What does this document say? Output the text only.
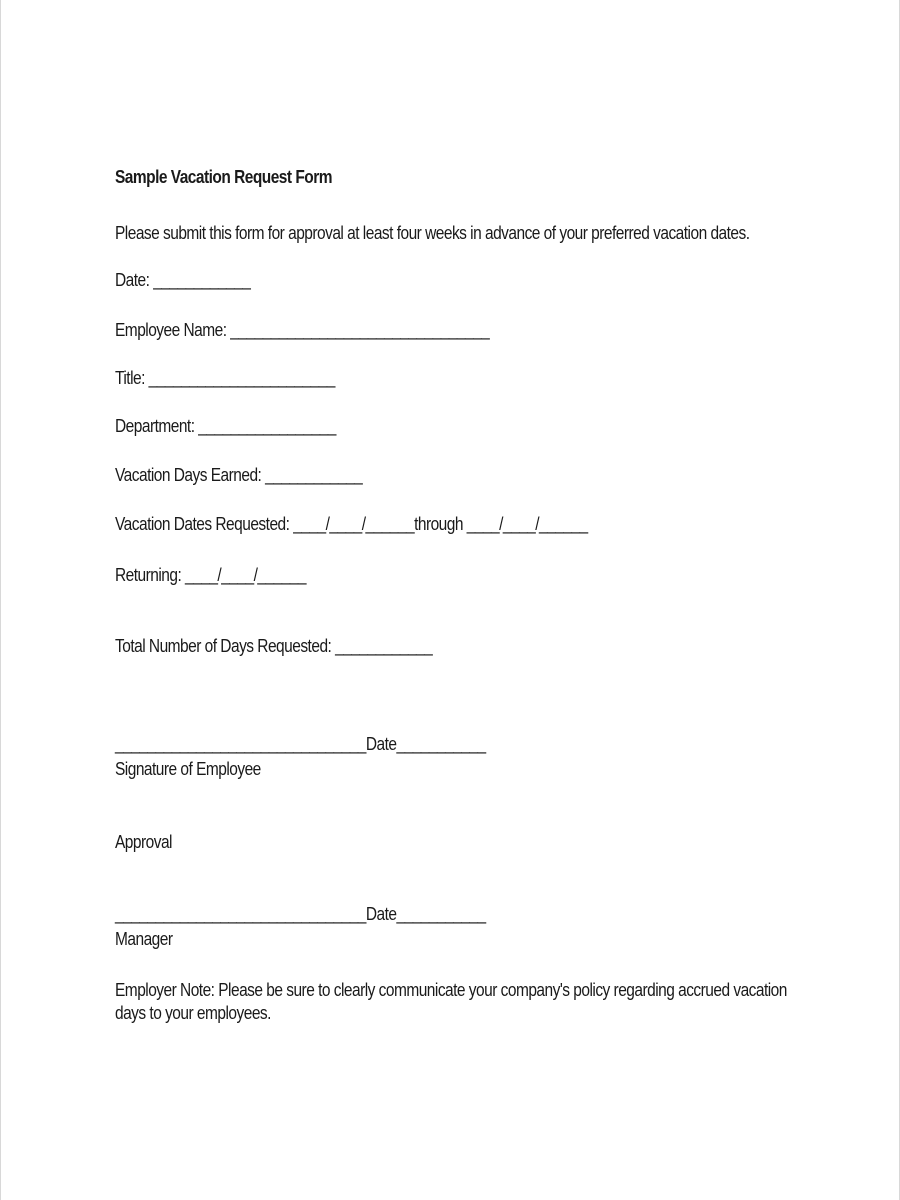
Sample Vacation Request Form
Please submit this form for approval at least four weeks in advance of your preferred vacation dates.
Date: ____________
Employee Name: ________________________________
Title: _______________________
Department: _________________
Vacation Days Earned: ____________
Vacation Dates Requested: ____/____/______through ____/____/______
Returning: ____/____/______
Total Number of Days Requested: ____________
_______________________________Date___________
Signature of Employee
Approval
_______________________________Date___________
Manager
Employer Note: Please be sure to clearly communicate your company's policy regarding accrued vacation
days to your employees.
